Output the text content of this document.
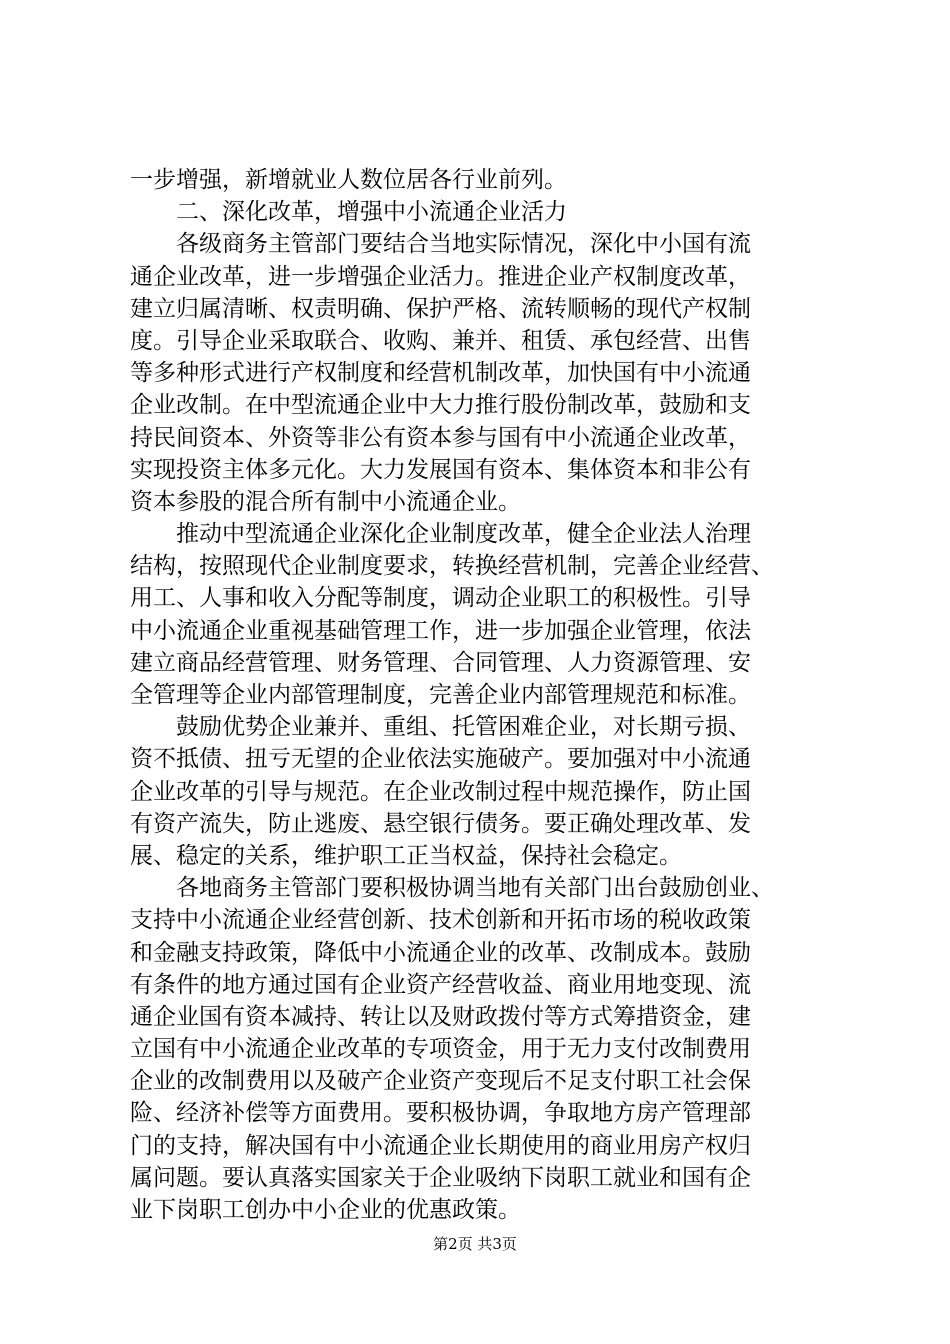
一步增强，新增就业人数位居各行业前列。
二、深化改革，增强中小流通企业活力
各级商务主管部门要结合当地实际情况，深化中小国有流
通企业改革，进一步增强企业活力。推进企业产权制度改革，
建立归属清晰、权责明确、保护严格、流转顺畅的现代产权制
度。引导企业采取联合、收购、兼并、租赁、承包经营、出售
等多种形式进行产权制度和经营机制改革，加快国有中小流通
企业改制。在中型流通企业中大力推行股份制改革，鼓励和支
持民间资本、外资等非公有资本参与国有中小流通企业改革，
实现投资主体多元化。大力发展国有资本、集体资本和非公有
资本参股的混合所有制中小流通企业。
推动中型流通企业深化企业制度改革，健全企业法人治理
结构，按照现代企业制度要求，转换经营机制，完善企业经营、
用工、人事和收入分配等制度，调动企业职工的积极性。引导
中小流通企业重视基础管理工作，进一步加强企业管理，依法
建立商品经营管理、财务管理、合同管理、人力资源管理、安
全管理等企业内部管理制度，完善企业内部管理规范和标准。
鼓励优势企业兼并、重组、托管困难企业，对长期亏损、
资不抵债、扭亏无望的企业依法实施破产。要加强对中小流通
企业改革的引导与规范。在企业改制过程中规范操作，防止国
有资产流失，防止逃废、悬空银行债务。要正确处理改革、发
展、稳定的关系，维护职工正当权益，保持社会稳定。
各地商务主管部门要积极协调当地有关部门出台鼓励创业、
支持中小流通企业经营创新、技术创新和开拓市场的税收政策
和金融支持政策，降低中小流通企业的改革、改制成本。鼓励
有条件的地方通过国有企业资产经营收益、商业用地变现、流
通企业国有资本减持、转让以及财政拨付等方式筹措资金，建
立国有中小流通企业改革的专项资金，用于无力支付改制费用
企业的改制费用以及破产企业资产变现后不足支付职工社会保
险、经济补偿等方面费用。要积极协调，争取地方房产管理部
门的支持，解决国有中小流通企业长期使用的商业用房产权归
属问题。要认真落实国家关于企业吸纳下岗职工就业和国有企
业下岗职工创办中小企业的优惠政策。
第2页 共3页
